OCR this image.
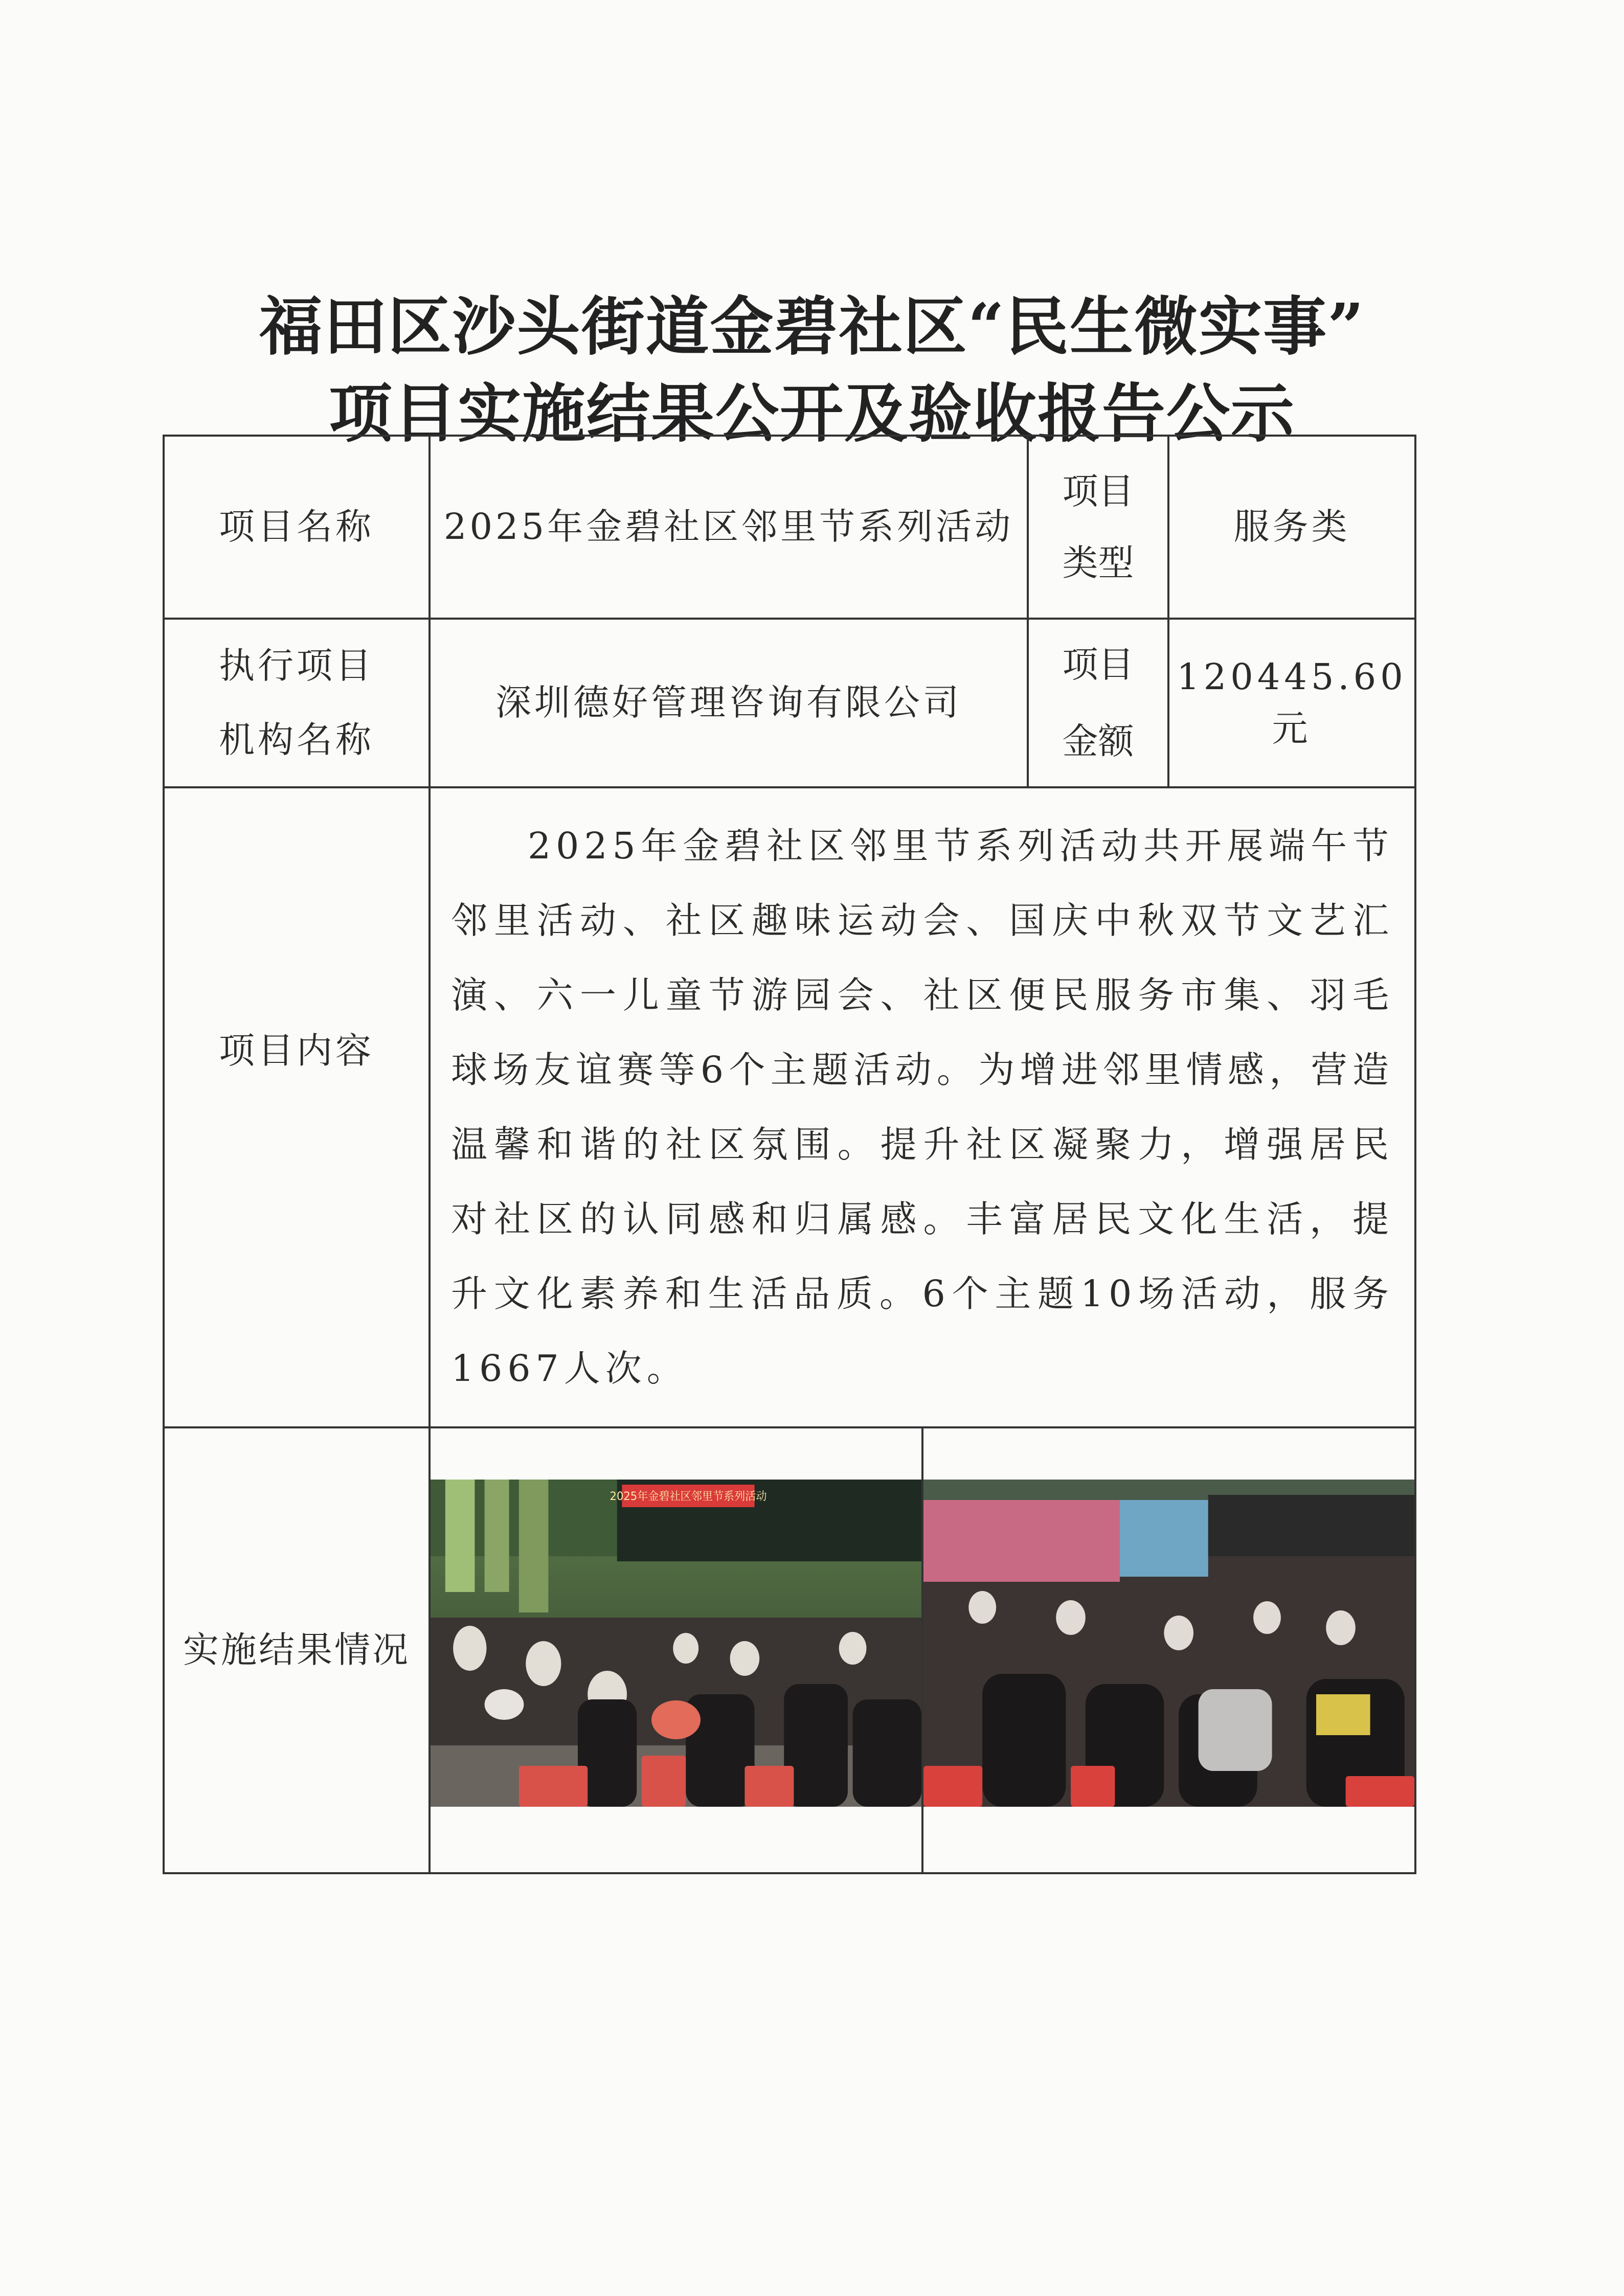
福田区沙头街道金碧社区“民生微实事”
项目实施结果公开及验收报告公示
项目名称	2025年金碧社区邻里节系列活动	项目类型	服务类

执行项目机构名称	深圳德好管理咨询有限公司	项目金额	120445.60元
项目内容	2025年金碧社区邻里节系列活动共开展端午节邻里活动、社区趣味运动会、国庆中秋双节文艺汇演、六一儿童节游园会、社区便民服务市集、羽毛球场友谊赛等6个主题活动。为增进邻里情感，营造温馨和谐的社区氛围。提升社区凝聚力，增强居民对社区的认同感和归属感。丰富居民文化生活，提升文化素养和生活品质。6个主题10场活动，服务1667人次。		

实施结果情况	2025年金碧社区邻里节系列活动		
